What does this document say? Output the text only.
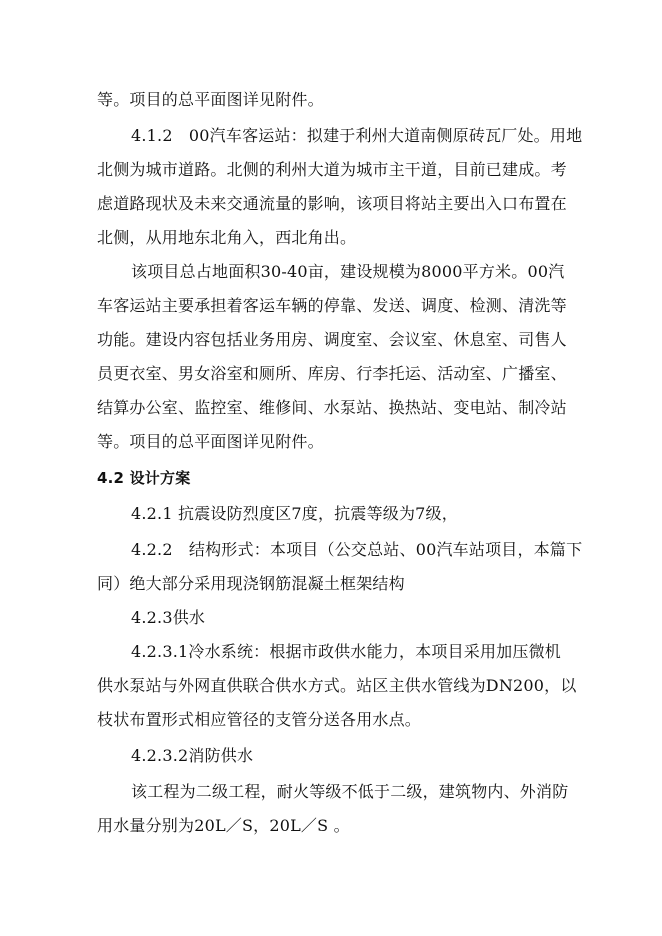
等。项目的总平面图详见附件。
4.1.2　00汽车客运站：拟建于利州大道南侧原砖瓦厂处。用地
北侧为城市道路。北侧的利州大道为城市主干道，目前已建成。考
虑道路现状及未来交通流量的影响，该项目将站主要出入口布置在
北侧，从用地东北角入，西北角出。
该项目总占地面积30-40亩，建设规模为8000平方米。00汽
车客运站主要承担着客运车辆的停靠、发送、调度、检测、清洗等
功能。建设内容包括业务用房、调度室、会议室、休息室、司售人
员更衣室、男女浴室和厕所、库房、行李托运、活动室、广播室、
结算办公室、监控室、维修间、水泵站、换热站、变电站、制冷站
等。项目的总平面图详见附件。
4.2 设计方案
4.2.1 抗震设防烈度区7度，抗震等级为7级，
4.2.2　结构形式：本项目（公交总站、00汽车站项目，本篇下
同）绝大部分采用现浇钢筋混凝土框架结构
4.2.3供水
4.2.3.1冷水系统：根据市政供水能力，本项目采用加压微机
供水泵站与外网直供联合供水方式。站区主供水管线为DN200，以
枝状布置形式相应管径的支管分送各用水点。
4.2.3.2消防供水
该工程为二级工程，耐火等级不低于二级，建筑物内、外消防
用水量分别为20L／S，20L／S 。
